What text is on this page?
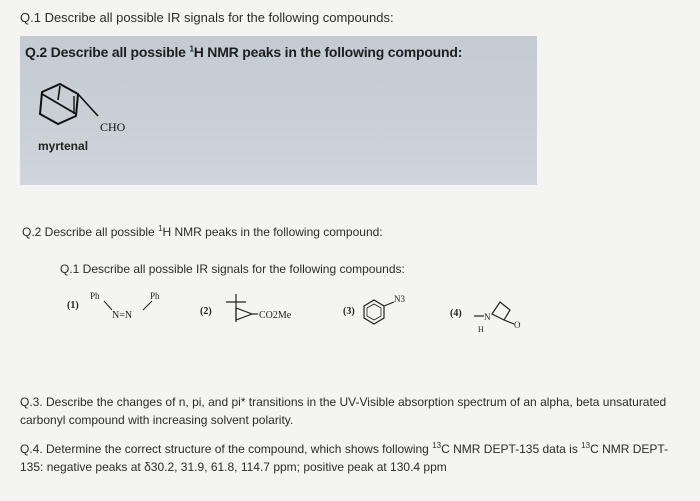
Q.1 Describe all possible IR signals for the following compounds:
Q.2 Describe all possible $^1$H NMR peaks in the following compound:
CHO
myrtenal
Q.2 Describe all possible $^1$H NMR peaks in the following compound:
Q.1 Describe all possible IR signals for the following compounds:
(1)
Ph	Ph
N=N	(2)	CO2Me	(3)
N3
(4) N
H	O
Q.3. Describe the changes of n, pi, and pi* transitions in the UV-Visible absorption spectrum of an alpha, beta unsaturated carbonyl compound with increasing solvent polarity.
Q.4. Determine the correct structure of the compound, which shows following $^{13}$C NMR DEPT-135 data is $^{13}$C NMR DEPT-135: negative peaks at δ30.2, 31.9, 61.8, 114.7 ppm; positive peak at 130.4 ppm
